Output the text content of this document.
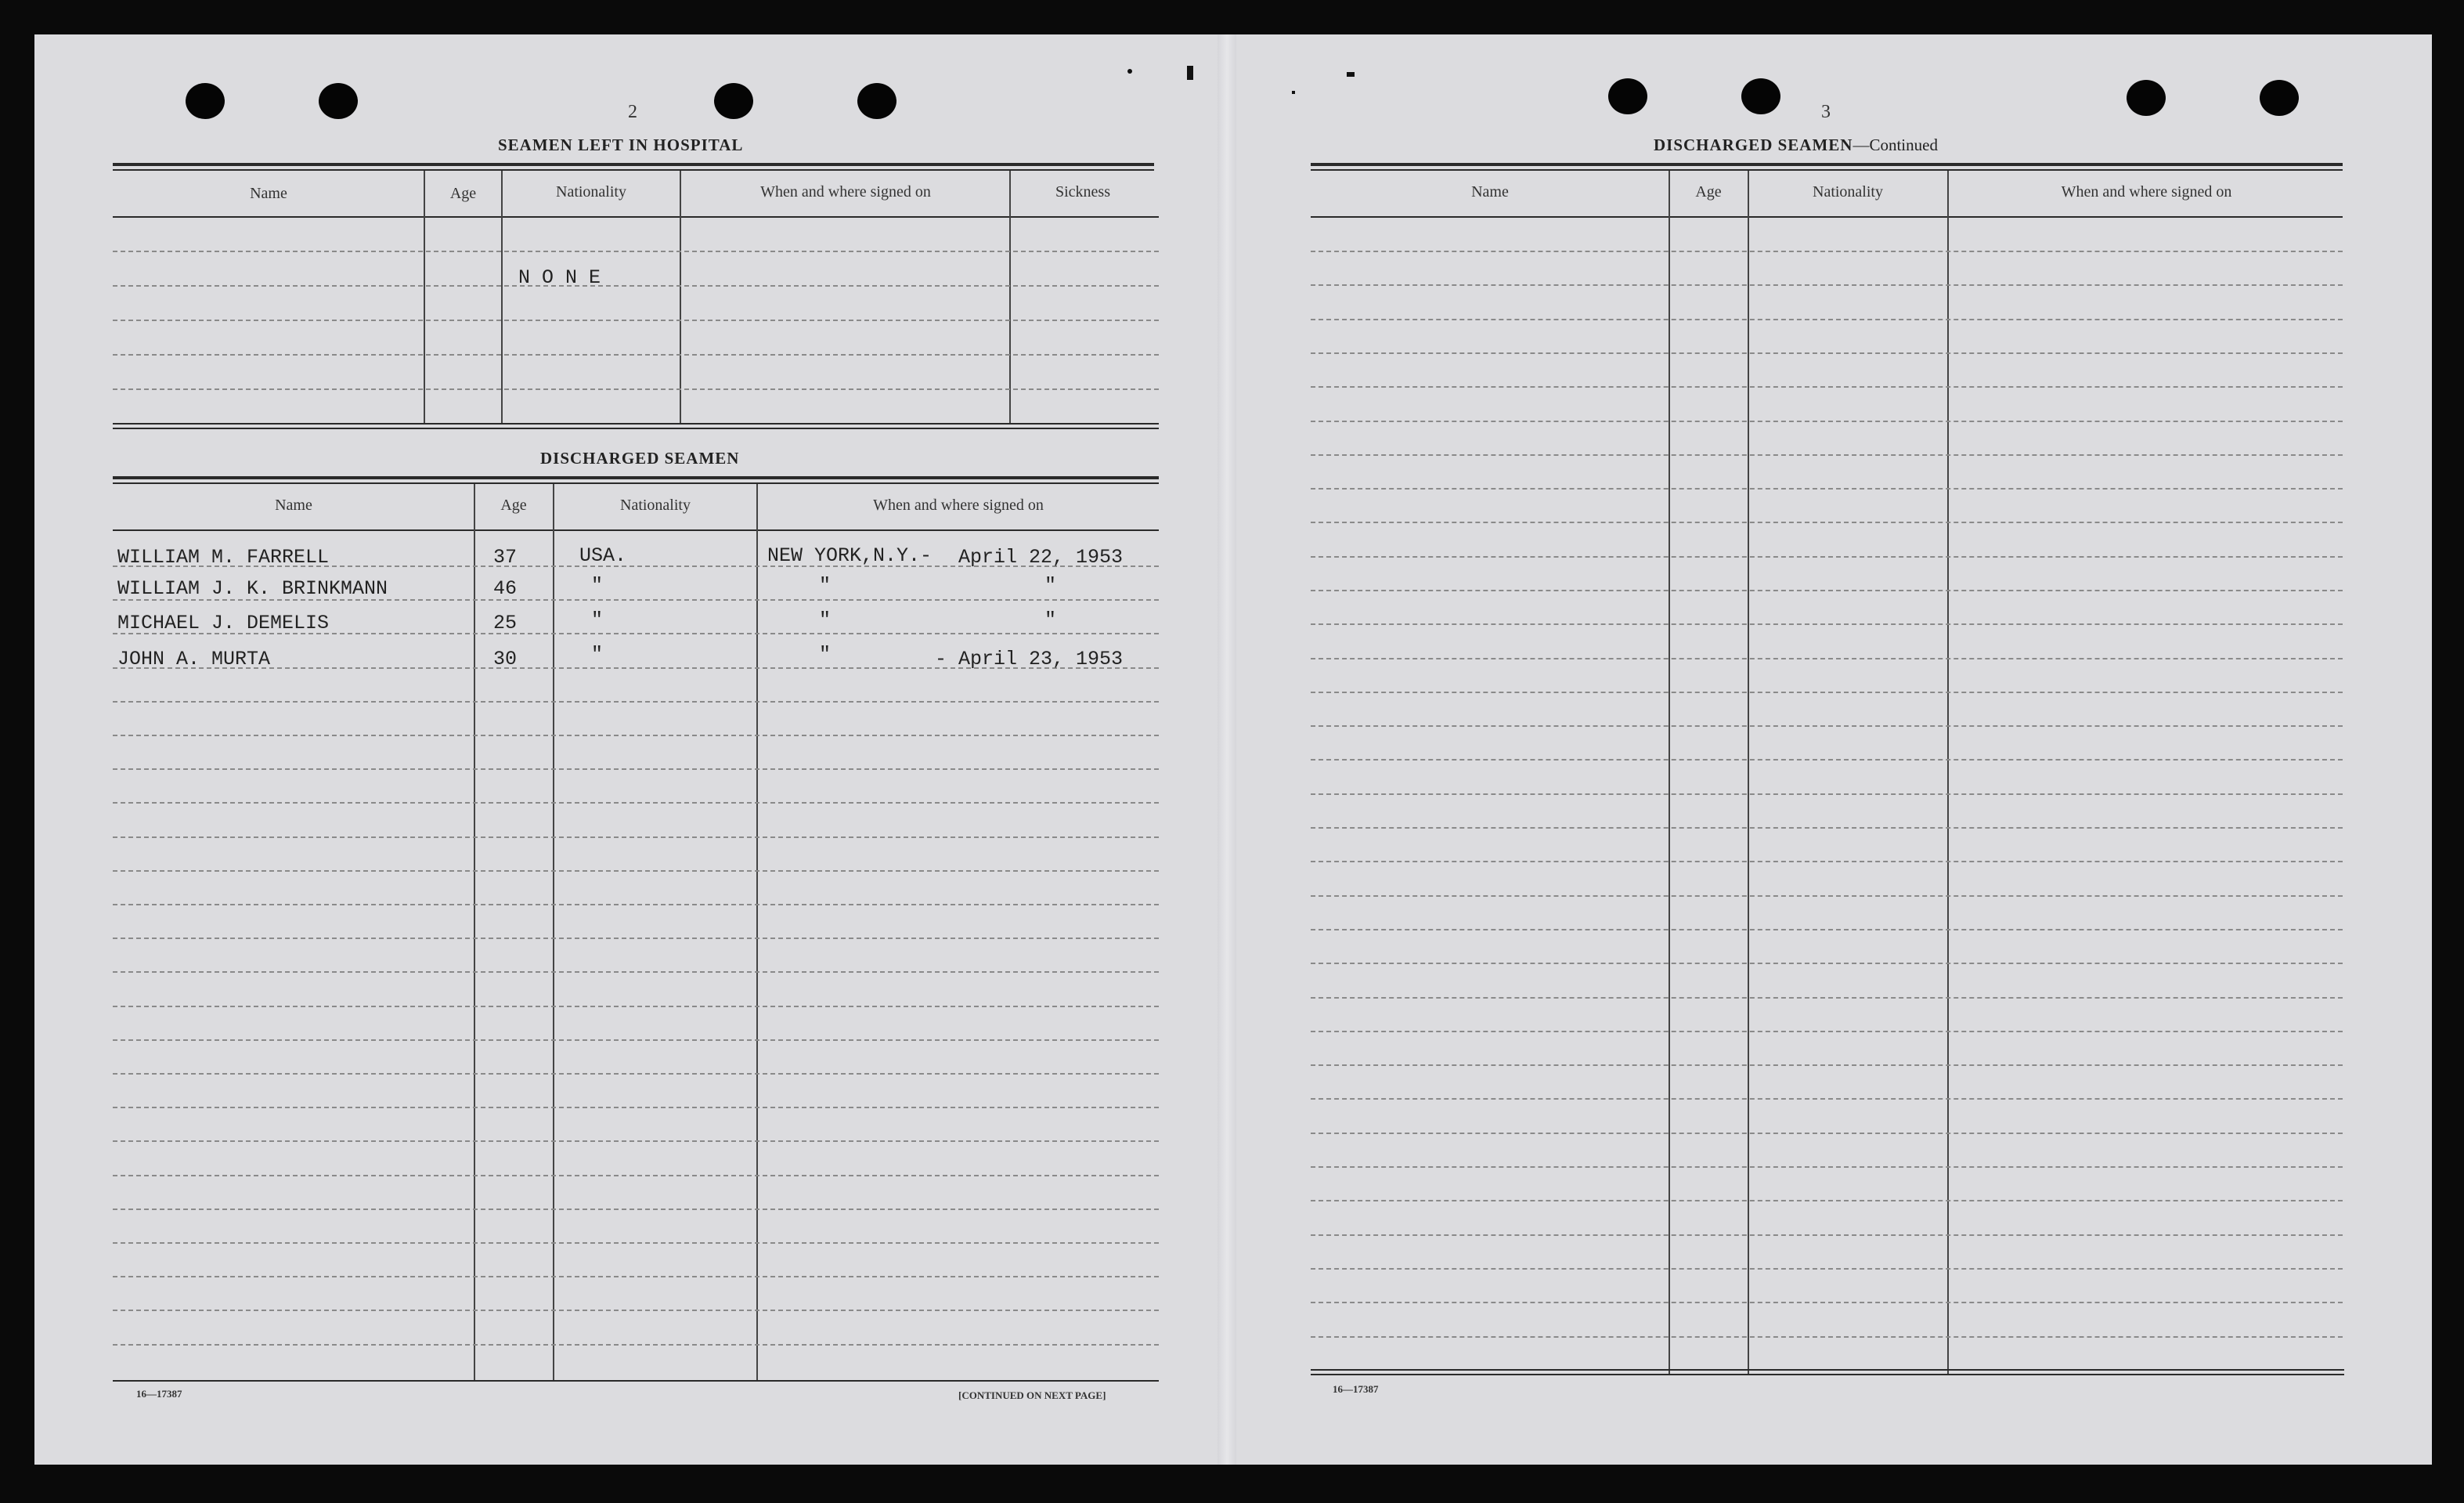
2
SEAMEN LEFT IN HOSPITAL
Name	Age	Nationality	When and where signed on	Sickness
N O N E
DISCHARGED SEAMEN
Name	Age	Nationality	When and where signed on
WILLIAM M. FARRELL	37	USA.	NEW YORK,N.Y.- April 22, 1953
WILLIAM J. K. BRINKMANN	46	"	"	"
MICHAEL J. DEMELIS	25	"	"	"
JOHN A. MURTA	30	"	"	- April 23, 1953
16—17387	[CONTINUED ON NEXT PAGE]
3
DISCHARGED SEAMEN—Continued
Name	Age	Nationality	When and where signed on
16—17387
